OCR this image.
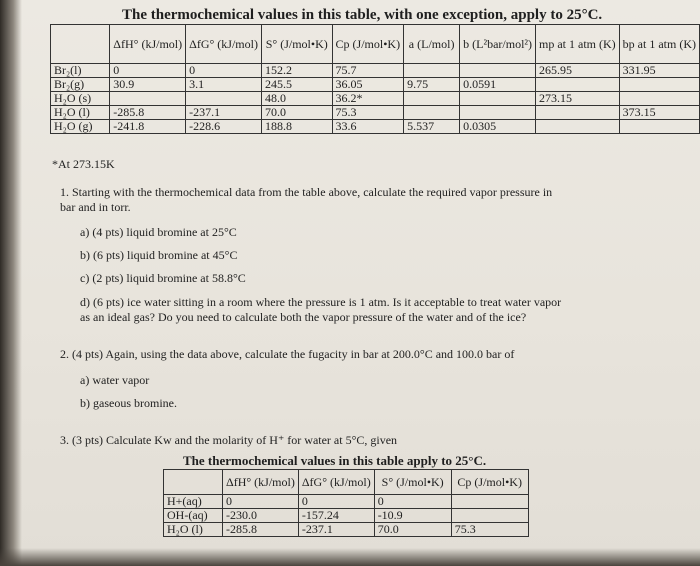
The thermochemical values in this table, with one exception, apply to 25°C.
	ΔfH° (kJ/mol)	ΔfG° (kJ/mol)	S° (J/mol•K)	Cp (J/mol•K)	a (L/mol)	b (L²bar/mol²)	mp at 1 atm (K)	bp at 1 atm (K)
Br₂(l)	0	0	152.2	75.7			265.95	331.95
Br₂(g)	30.9	3.1	245.5	36.05	9.75	0.0591		
H₂O (s)			48.0	36.2*			273.15	
H₂O (l)	-285.8	-237.1	70.0	75.3				373.15
H₂O (g)	-241.8	-228.6	188.8	33.6	5.537	0.0305		
*At 273.15K
1. Starting with the thermochemical data from the table above, calculate the required vapor pressure in
bar and in torr.
a) (4 pts) liquid bromine at 25°C
b) (6 pts) liquid bromine at 45°C
c) (2 pts) liquid bromine at 58.8°C
d) (6 pts) ice water sitting in a room where the pressure is 1 atm. Is it acceptable to treat water vapor
as an ideal gas? Do you need to calculate both the vapor pressure of the water and of the ice?
2. (4 pts) Again, using the data above, calculate the fugacity in bar at 200.0°C and 100.0 bar of
a) water vapor
b) gaseous bromine.
3. (3 pts) Calculate Kw and the molarity of H⁺ for water at 5°C, given
The thermochemical values in this table apply to 25°C.
	ΔfH° (kJ/mol)	ΔfG° (kJ/mol)	S° (J/mol•K)	Cp (J/mol•K)
H+(aq)	0	0	0	
OH-(aq)	-230.0	-157.24	-10.9	
H₂O (l)	-285.8	-237.1	70.0	75.3
